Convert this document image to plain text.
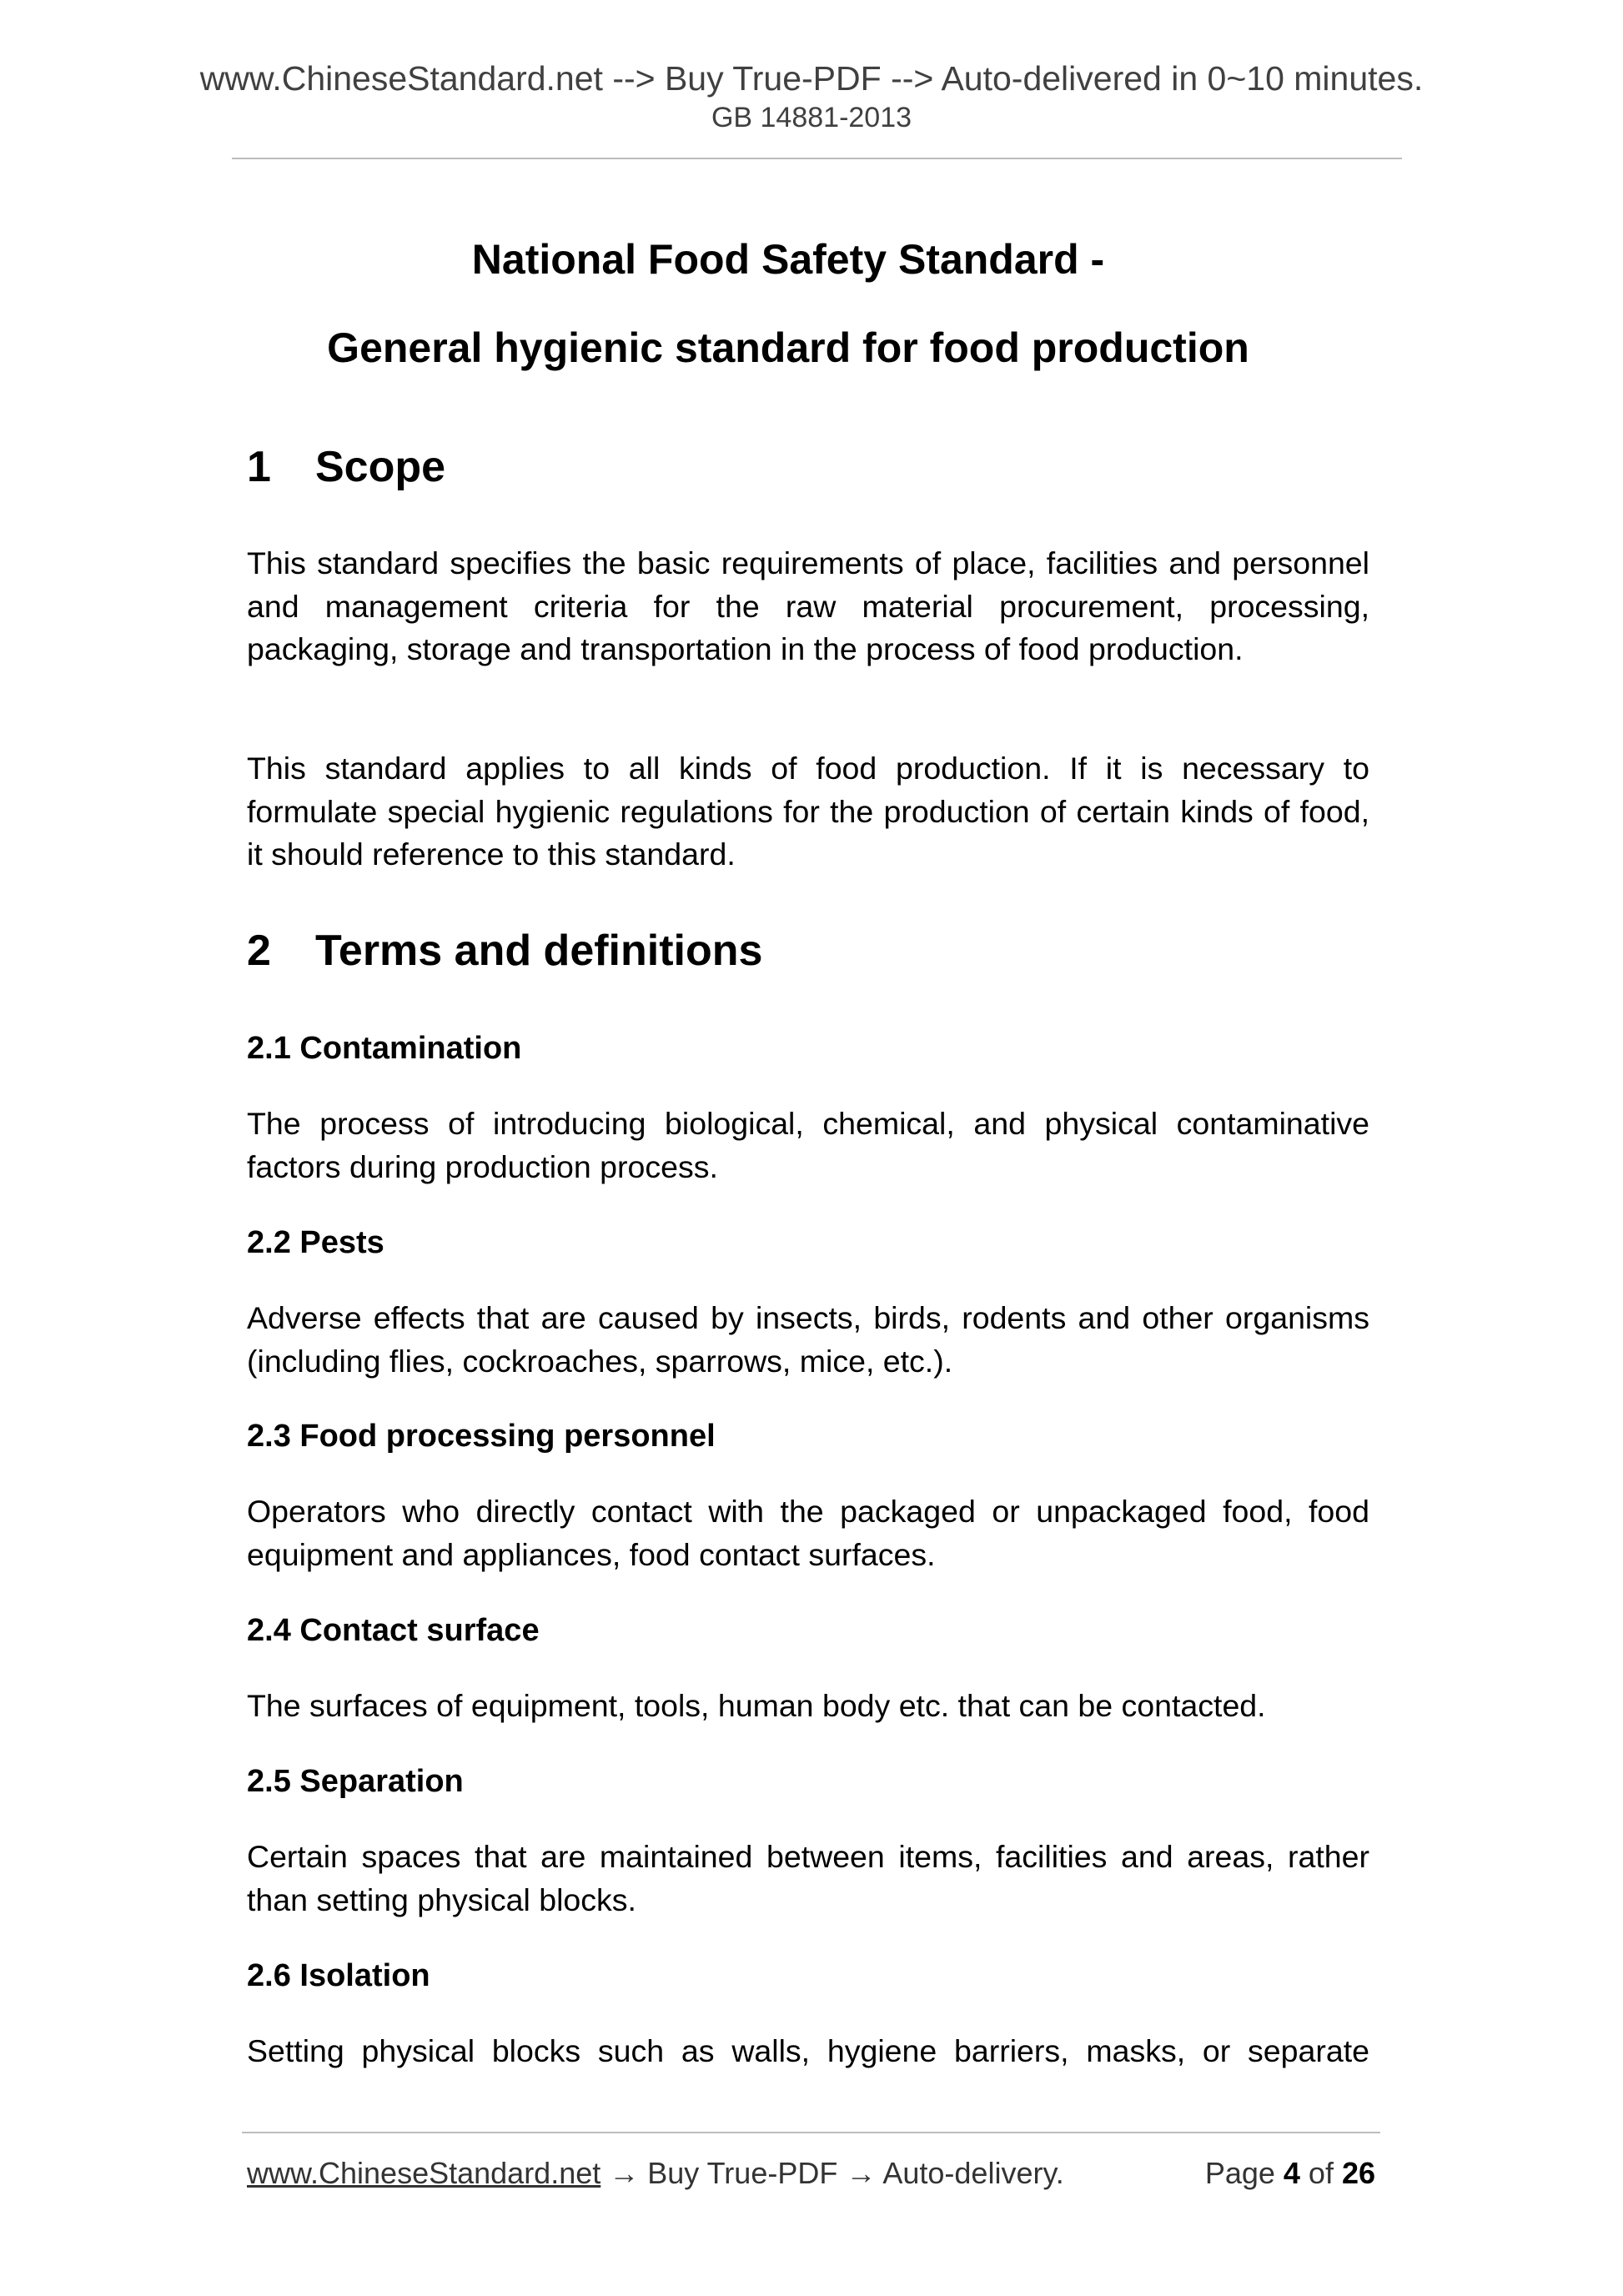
www.ChineseStandard.net --> Buy True-PDF --> Auto-delivered in 0~10 minutes.
GB 14881-2013
National Food Safety Standard -
General hygienic standard for food production
1 Scope

This standard specifies the basic requirements of place, facilities and personnel and management criteria for the raw material procurement, processing, packaging, storage and transportation in the process of food production.

This standard applies to all kinds of food production. If it is necessary to formulate special hygienic regulations for the production of certain kinds of food, it should reference to this standard.

2 Terms and definitions
2.1 Contamination

The process of introducing biological, chemical, and physical contaminative factors during production process.

2.2 Pests

Adverse effects that are caused by insects, birds, rodents and other organisms (including flies, cockroaches, sparrows, mice, etc.).

2.3 Food processing personnel

Operators who directly contact with the packaged or unpackaged food, food equipment and appliances, food contact surfaces.

2.4 Contact surface

The surfaces of equipment, tools, human body etc. that can be contacted.

2.5 Separation

Certain spaces that are maintained between items, facilities and areas, rather than setting physical blocks.

2.6 Isolation

Setting physical blocks such as walls, hygiene barriers, masks, or separate

www.ChineseStandard.net → Buy True-PDF → Auto-delivery.	Page 4 of 26
